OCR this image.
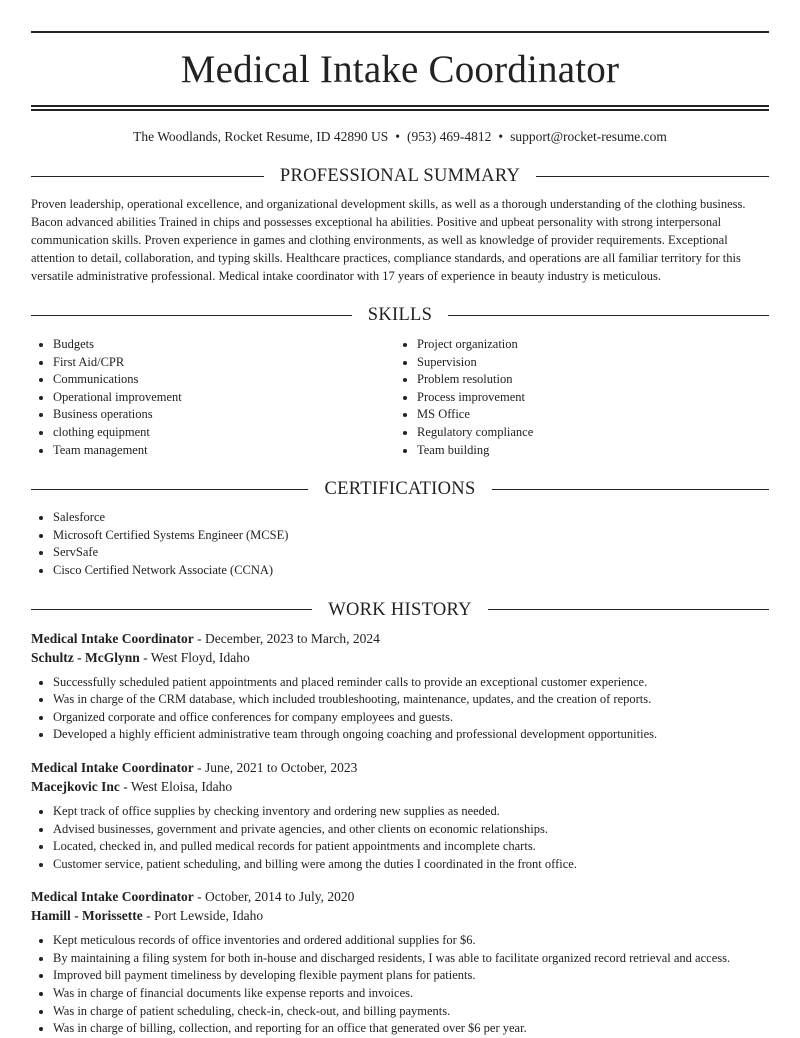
Medical Intake Coordinator
The Woodlands, Rocket Resume, ID 42890 US • (953) 469-4812 • support@rocket-resume.com
PROFESSIONAL SUMMARY

Proven leadership, operational excellence, and organizational development skills, as well as a thorough understanding of the clothing business. Bacon advanced abilities Trained in chips and possesses exceptional ha abilities. Positive and upbeat personality with strong interpersonal communication skills. Proven experience in games and clothing environments, as well as knowledge of provider requirements. Exceptional attention to detail, collaboration, and typing skills. Healthcare practices, compliance standards, and operations are all familiar territory for this versatile administrative professional. Medical intake coordinator with 17 years of experience in beauty industry is meticulous.

SKILLS
• Budgets
• First Aid/CPR
• Communications
• Operational improvement
• Business operations
• clothing equipment
• Team management
• Project organization
• Supervision
• Problem resolution
• Process improvement
• MS Office
• Regulatory compliance
• Team building
CERTIFICATIONS
• Salesforce
• Microsoft Certified Systems Engineer (MCSE)
• ServSafe
• Cisco Certified Network Associate (CCNA)
WORK HISTORY
Medical Intake Coordinator - December, 2023 to March, 2024
Schultz - McGlynn - West Floyd, Idaho
• Successfully scheduled patient appointments and placed reminder calls to provide an exceptional customer experience.
• Was in charge of the CRM database, which included troubleshooting, maintenance, updates, and the creation of reports.
• Organized corporate and office conferences for company employees and guests.
• Developed a highly efficient administrative team through ongoing coaching and professional development opportunities.
Medical Intake Coordinator - June, 2021 to October, 2023
Macejkovic Inc - West Eloisa, Idaho
• Kept track of office supplies by checking inventory and ordering new supplies as needed.
• Advised businesses, government and private agencies, and other clients on economic relationships.
• Located, checked in, and pulled medical records for patient appointments and incomplete charts.
• Customer service, patient scheduling, and billing were among the duties I coordinated in the front office.
Medical Intake Coordinator - October, 2014 to July, 2020
Hamill - Morissette - Port Lewside, Idaho
• Kept meticulous records of office inventories and ordered additional supplies for $6.
• By maintaining a filing system for both in-house and discharged residents, I was able to facilitate organized record retrieval and access.
• Improved bill payment timeliness by developing flexible payment plans for patients.
• Was in charge of financial documents like expense reports and invoices.
• Was in charge of patient scheduling, check-in, check-out, and billing payments.
• Was in charge of billing, collection, and reporting for an office that generated over $6 per year.
